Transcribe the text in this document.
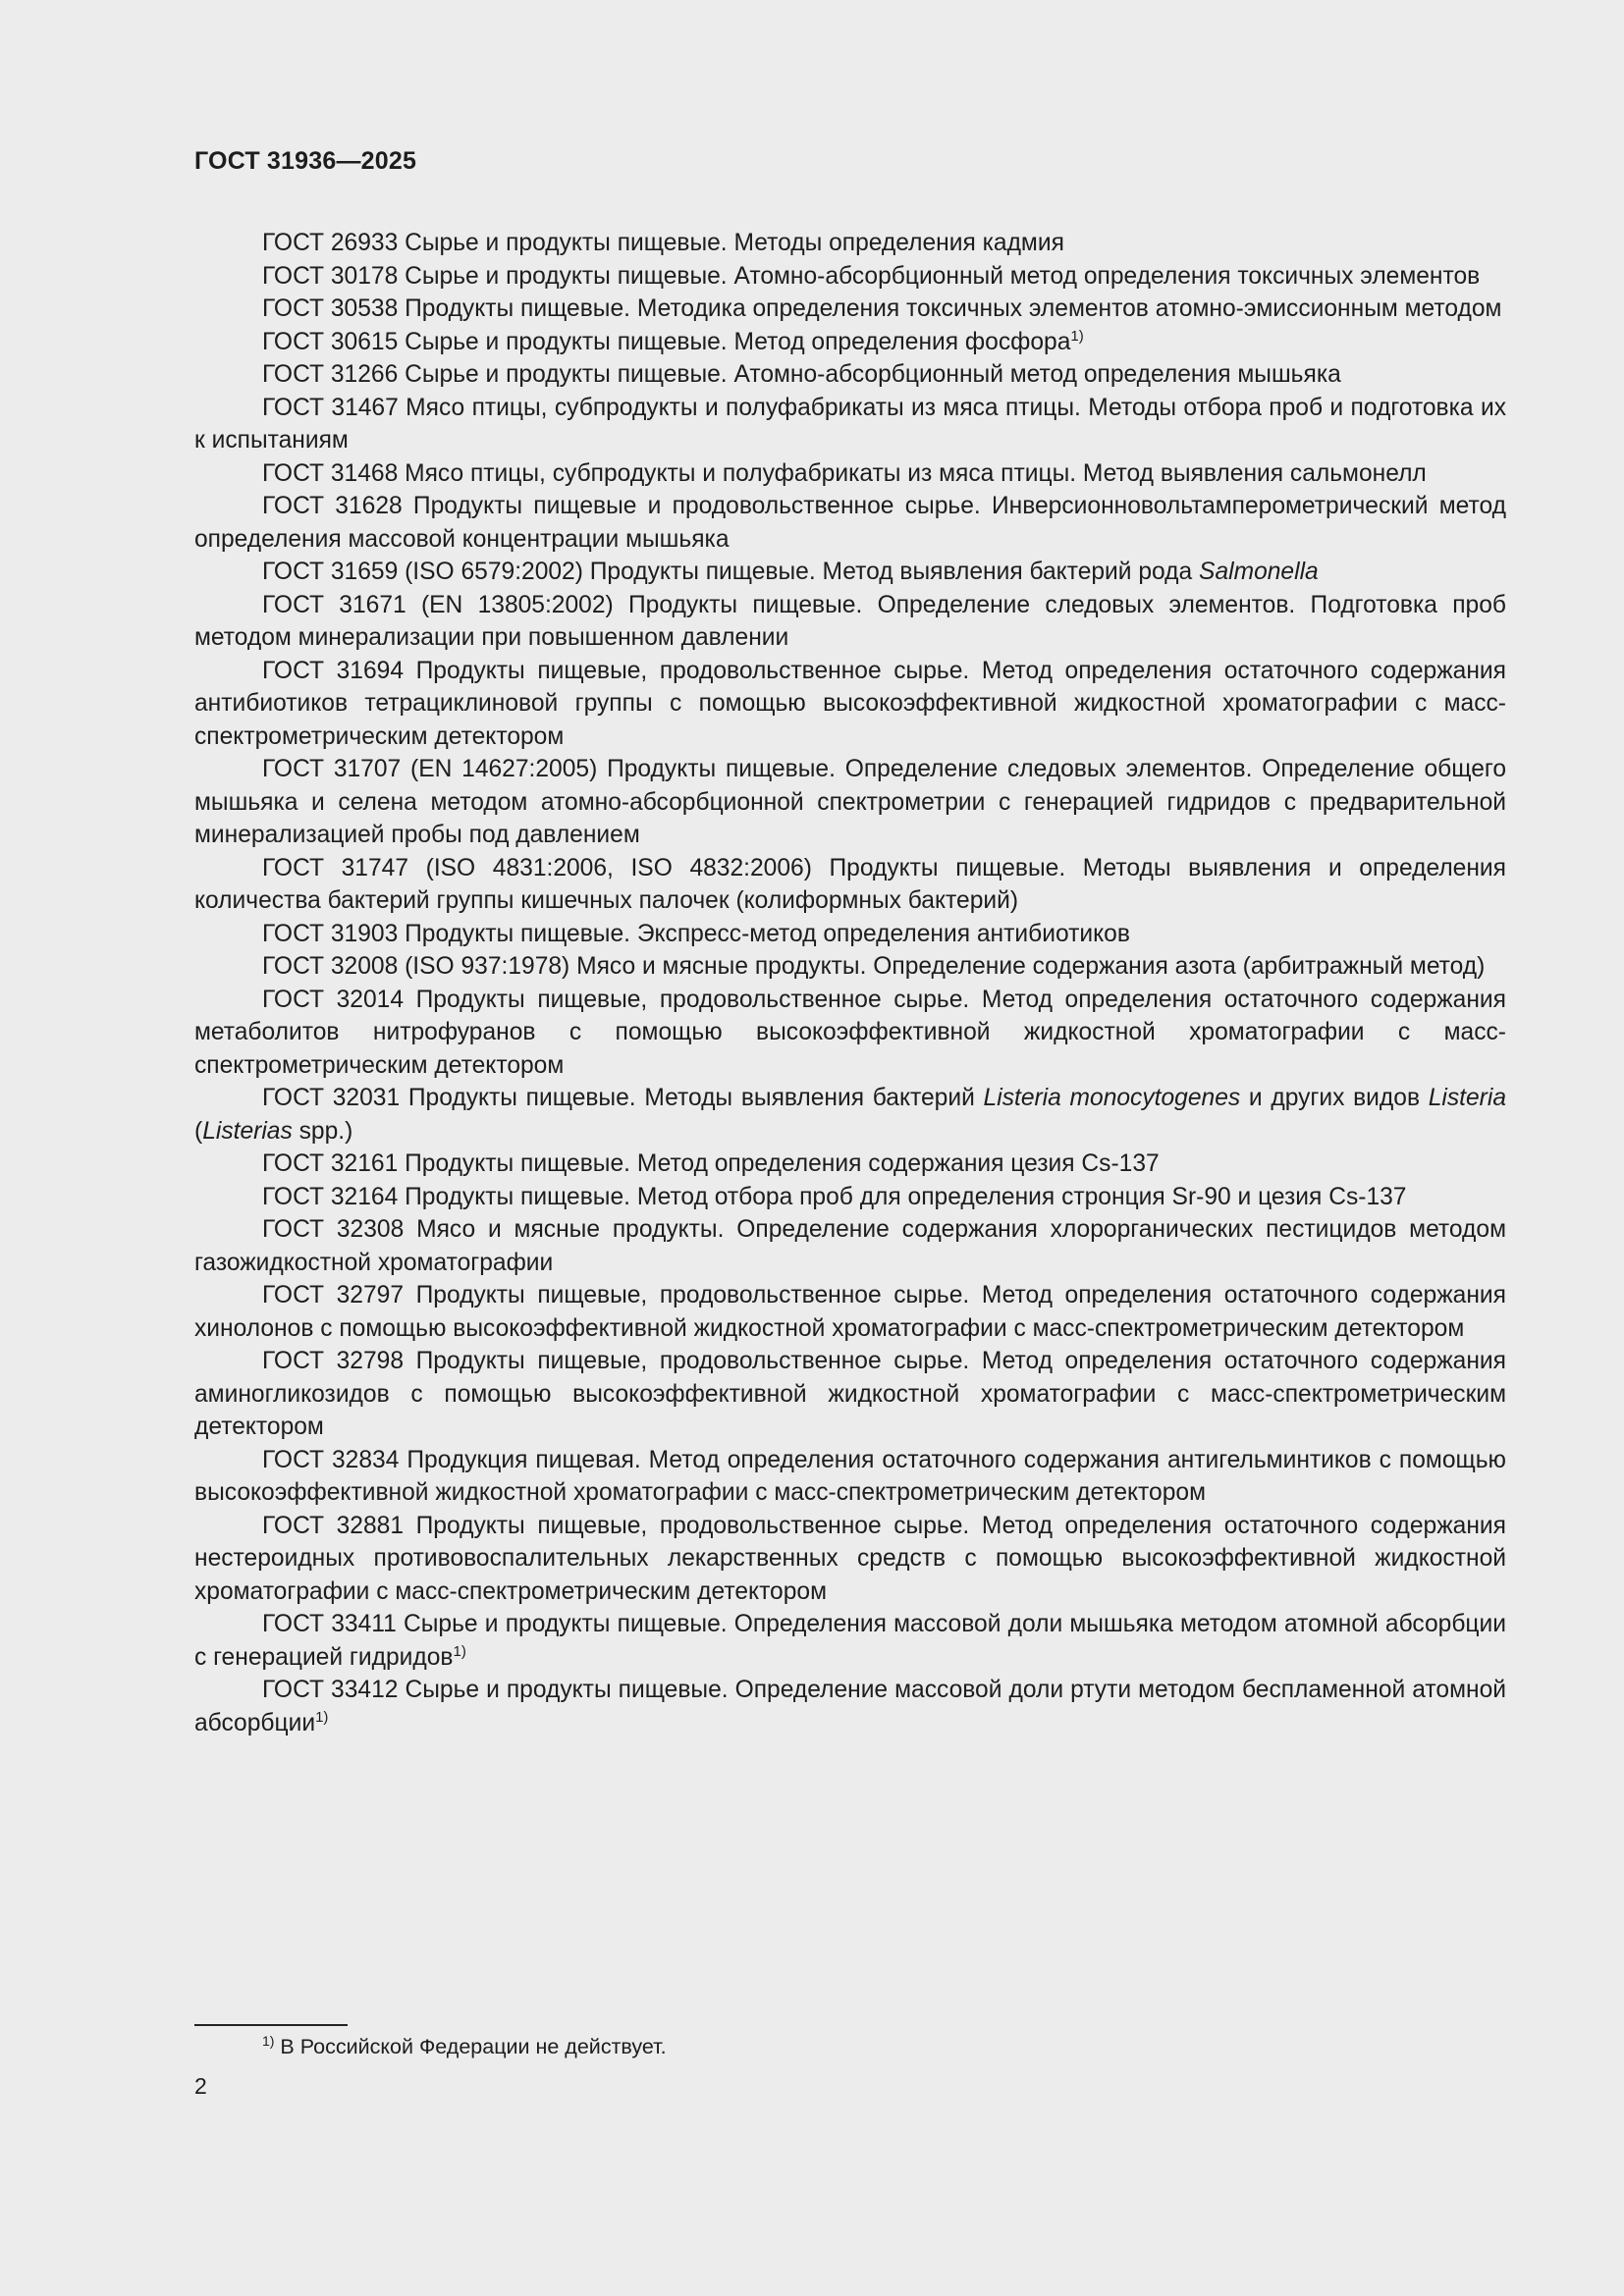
ГОСТ 31936—2025

ГОСТ 26933 Сырье и продукты пищевые. Методы определения кадмия

ГОСТ 30178 Сырье и продукты пищевые. Атомно-абсорбционный метод определения токсичных элементов

ГОСТ 30538 Продукты пищевые. Методика определения токсичных элементов атомно-эмиссионным методом

ГОСТ 30615 Сырье и продукты пищевые. Метод определения фосфора$^{1)}$

ГОСТ 31266 Сырье и продукты пищевые. Атомно-абсорбционный метод определения мышьяка

ГОСТ 31467 Мясо птицы, субпродукты и полуфабрикаты из мяса птицы. Методы отбора проб и подготовка их к испытаниям

ГОСТ 31468 Мясо птицы, субпродукты и полуфабрикаты из мяса птицы. Метод выявления сальмонелл

ГОСТ 31628 Продукты пищевые и продовольственное сырье. Инверсионновольтамперометрический метод определения массовой концентрации мышьяка

ГОСТ 31659 (ISO 6579:2002) Продукты пищевые. Метод выявления бактерий рода Salmonella

ГОСТ 31671 (EN 13805:2002) Продукты пищевые. Определение следовых элементов. Подготовка проб методом минерализации при повышенном давлении

ГОСТ 31694 Продукты пищевые, продовольственное сырье. Метод определения остаточного содержания антибиотиков тетрациклиновой группы с помощью высокоэффективной жидкостной хроматографии с масс-спектрометрическим детектором

ГОСТ 31707 (EN 14627:2005) Продукты пищевые. Определение следовых элементов. Определение общего мышьяка и селена методом атомно-абсорбционной спектрометрии с генерацией гидридов с предварительной минерализацией пробы под давлением

ГОСТ 31747 (ISO 4831:2006, ISO 4832:2006) Продукты пищевые. Методы выявления и определения количества бактерий группы кишечных палочек (колиформных бактерий)

ГОСТ 31903 Продукты пищевые. Экспресс-метод определения антибиотиков

ГОСТ 32008 (ISO 937:1978) Мясо и мясные продукты. Определение содержания азота (арбитражный метод)

ГОСТ 32014 Продукты пищевые, продовольственное сырье. Метод определения остаточного содержания метаболитов нитрофуранов с помощью высокоэффективной жидкостной хроматографии с масс-спектрометрическим детектором

ГОСТ 32031 Продукты пищевые. Методы выявления бактерий Listeria monocytogenes и других видов Listeria (Listerias spp.)

ГОСТ 32161 Продукты пищевые. Метод определения содержания цезия Cs-137

ГОСТ 32164 Продукты пищевые. Метод отбора проб для определения стронция Sr-90 и цезия Cs-137

ГОСТ 32308 Мясо и мясные продукты. Определение содержания хлорорганических пестицидов методом газожидкостной хроматографии

ГОСТ 32797 Продукты пищевые, продовольственное сырье. Метод определения остаточного содержания хинолонов с помощью высокоэффективной жидкостной хроматографии с масс-спектрометрическим детектором

ГОСТ 32798 Продукты пищевые, продовольственное сырье. Метод определения остаточного содержания аминогликозидов с помощью высокоэффективной жидкостной хроматографии с масс-спектрометрическим детектором

ГОСТ 32834 Продукция пищевая. Метод определения остаточного содержания антигельминтиков с помощью высокоэффективной жидкостной хроматографии с масс-спектрометрическим детектором

ГОСТ 32881 Продукты пищевые, продовольственное сырье. Метод определения остаточного содержания нестероидных противовоспалительных лекарственных средств с помощью высокоэффективной жидкостной хроматографии с масс-спектрометрическим детектором

ГОСТ 33411 Сырье и продукты пищевые. Определения массовой доли мышьяка методом атомной абсорбции с генерацией гидридов$^{1)}$

ГОСТ 33412 Сырье и продукты пищевые. Определение массовой доли ртути методом беспламенной атомной абсорбции$^{1)}$

$^{1)}$ В Российской Федерации не действует.
2
